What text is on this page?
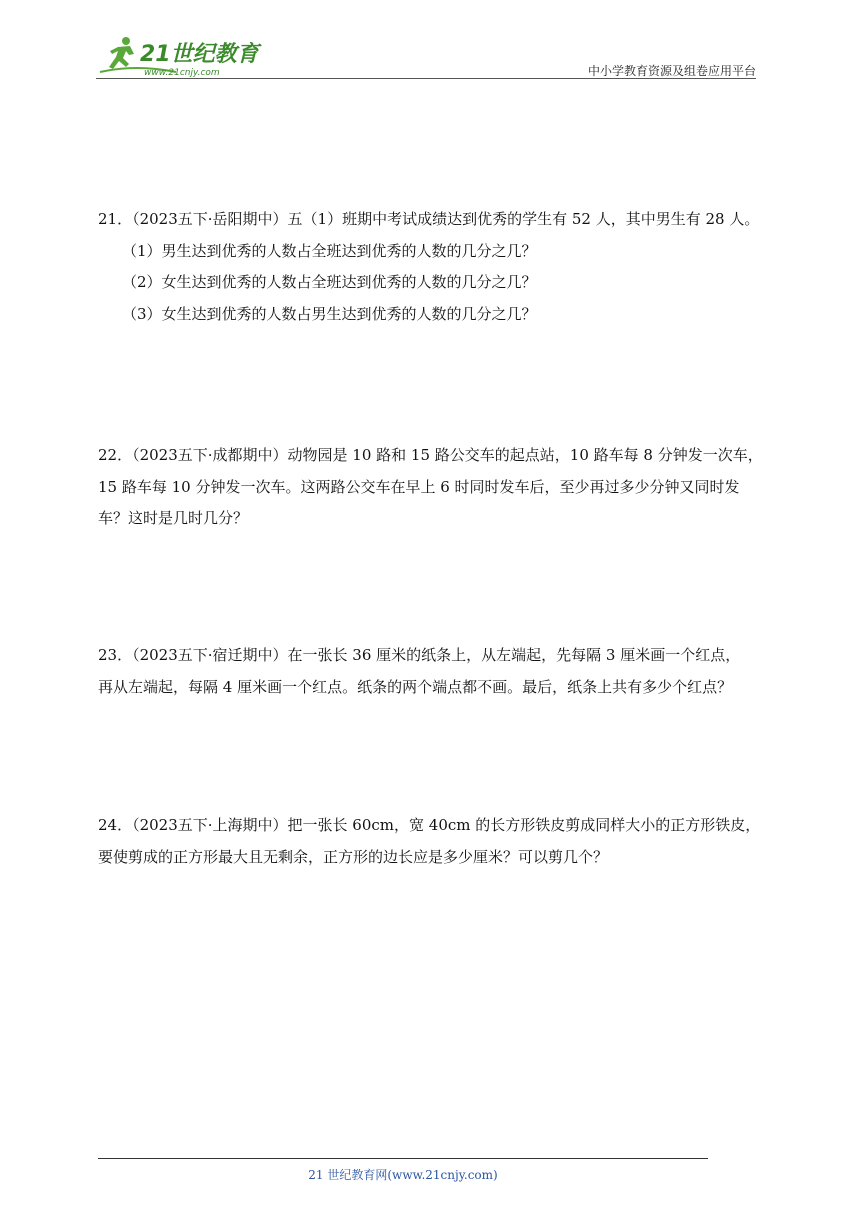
21世纪教育
www.21cnjy.com	中小学教育资源及组卷应用平台
21．（2023五下·岳阳期中）五（1）班期中考试成绩达到优秀的学生有 52 人，其中男生有 28 人。
（1）男生达到优秀的人数占全班达到优秀的人数的几分之几？
（2）女生达到优秀的人数占全班达到优秀的人数的几分之几？
（3）女生达到优秀的人数占男生达到优秀的人数的几分之几？
22．（2023五下·成都期中）动物园是 10 路和 15 路公交车的起点站，10 路车每 8 分钟发一次车，
15 路车每 10 分钟发一次车。这两路公交车在早上 6 时同时发车后，至少再过多少分钟又同时发
车？这时是几时几分？
23．（2023五下·宿迁期中）在一张长 36 厘米的纸条上，从左端起，先每隔 3 厘米画一个红点，
再从左端起，每隔 4 厘米画一个红点。纸条的两个端点都不画。最后，纸条上共有多少个红点？
24．（2023五下·上海期中）把一张长 60cm，宽 40cm 的长方形铁皮剪成同样大小的正方形铁皮，
要使剪成的正方形最大且无剩余，正方形的边长应是多少厘米？可以剪几个？
21 世纪教育网(www.21cnjy.com)
